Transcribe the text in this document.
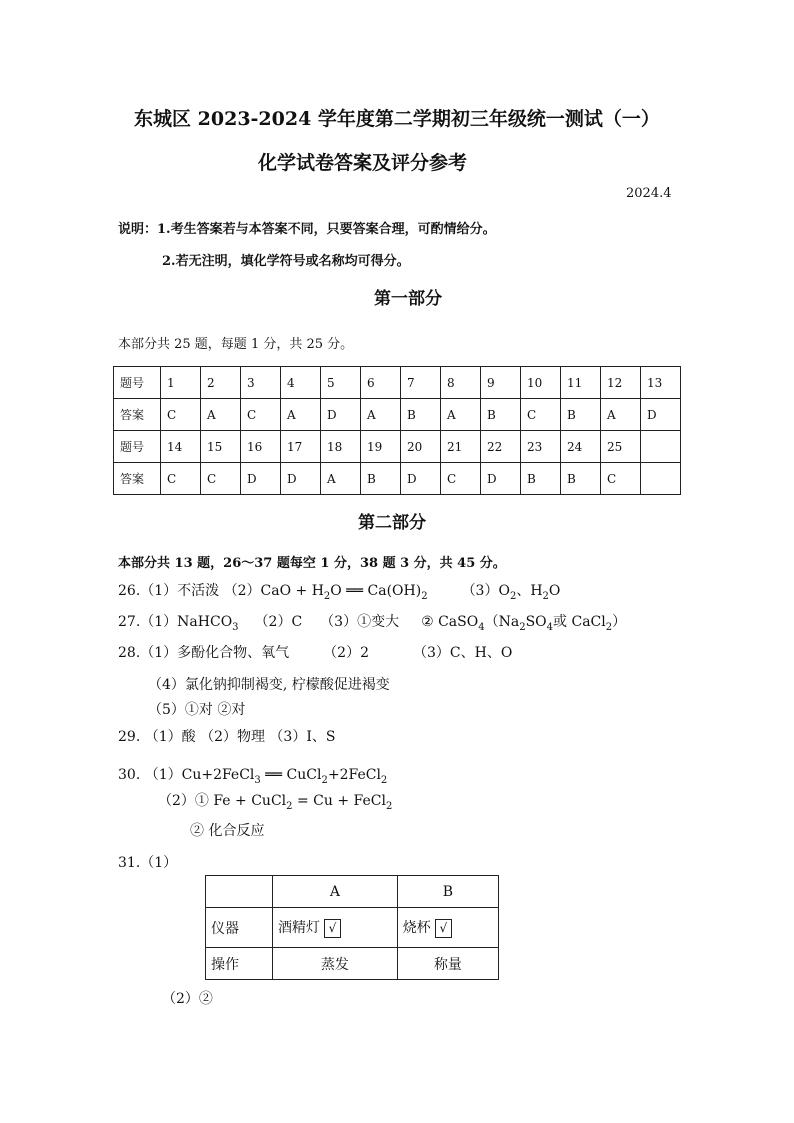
东城区 2023-2024 学年度第二学期初三年级统一测试（一）
化学试卷答案及评分参考
2024.4
说明：1.考生答案若与本答案不同，只要答案合理，可酌情给分。
2.若无注明，填化学符号或名称均可得分。
第一部分
本部分共 25 题，每题 1 分，共 25 分。
题号	1	2	3	4	5	6	7	8	9	10	11	12	13
答案	C	A	C	A	D	A	B	A	B	C	B	A	D
题号	14	15	16	17	18	19	20	21	22	23	24	25	
答案	C	C	D	D	A	B	D	C	D	B	B	C	
第二部分
本部分共 13 题，26～37 题每空 1 分，38 题 3 分，共 45 分。
26.（1）不活泼 $(2)CaO + H_2O$ ══ $Ca(OH)_2$ $(3)O_2$、$H_2O$
27.（1）NaHCO$_3$ （2）C （3）①变大 ② $CaSO_4(Na_2SO_4$或 CaCl$_2$）
28.（1）多酚化合物、氧气 （2）2	（3）C、H、O
（4）氯化钠抑制褐变, 柠檬酸促进褐变
（5）①对 ②对
29. （1）酸 （2）物理 （3）I、S
30. （1）Cu+2FeCl$_3$ ══ CuCl$_2$+2FeCl$_2$
（2）① Fe + CuCl$_2$ = Cu + FeCl$_2$
② 化合反应
31.（1）
	A	B
仪器	酒精灯 √	烧杯 √
操作	蒸发	称量
（2）②
